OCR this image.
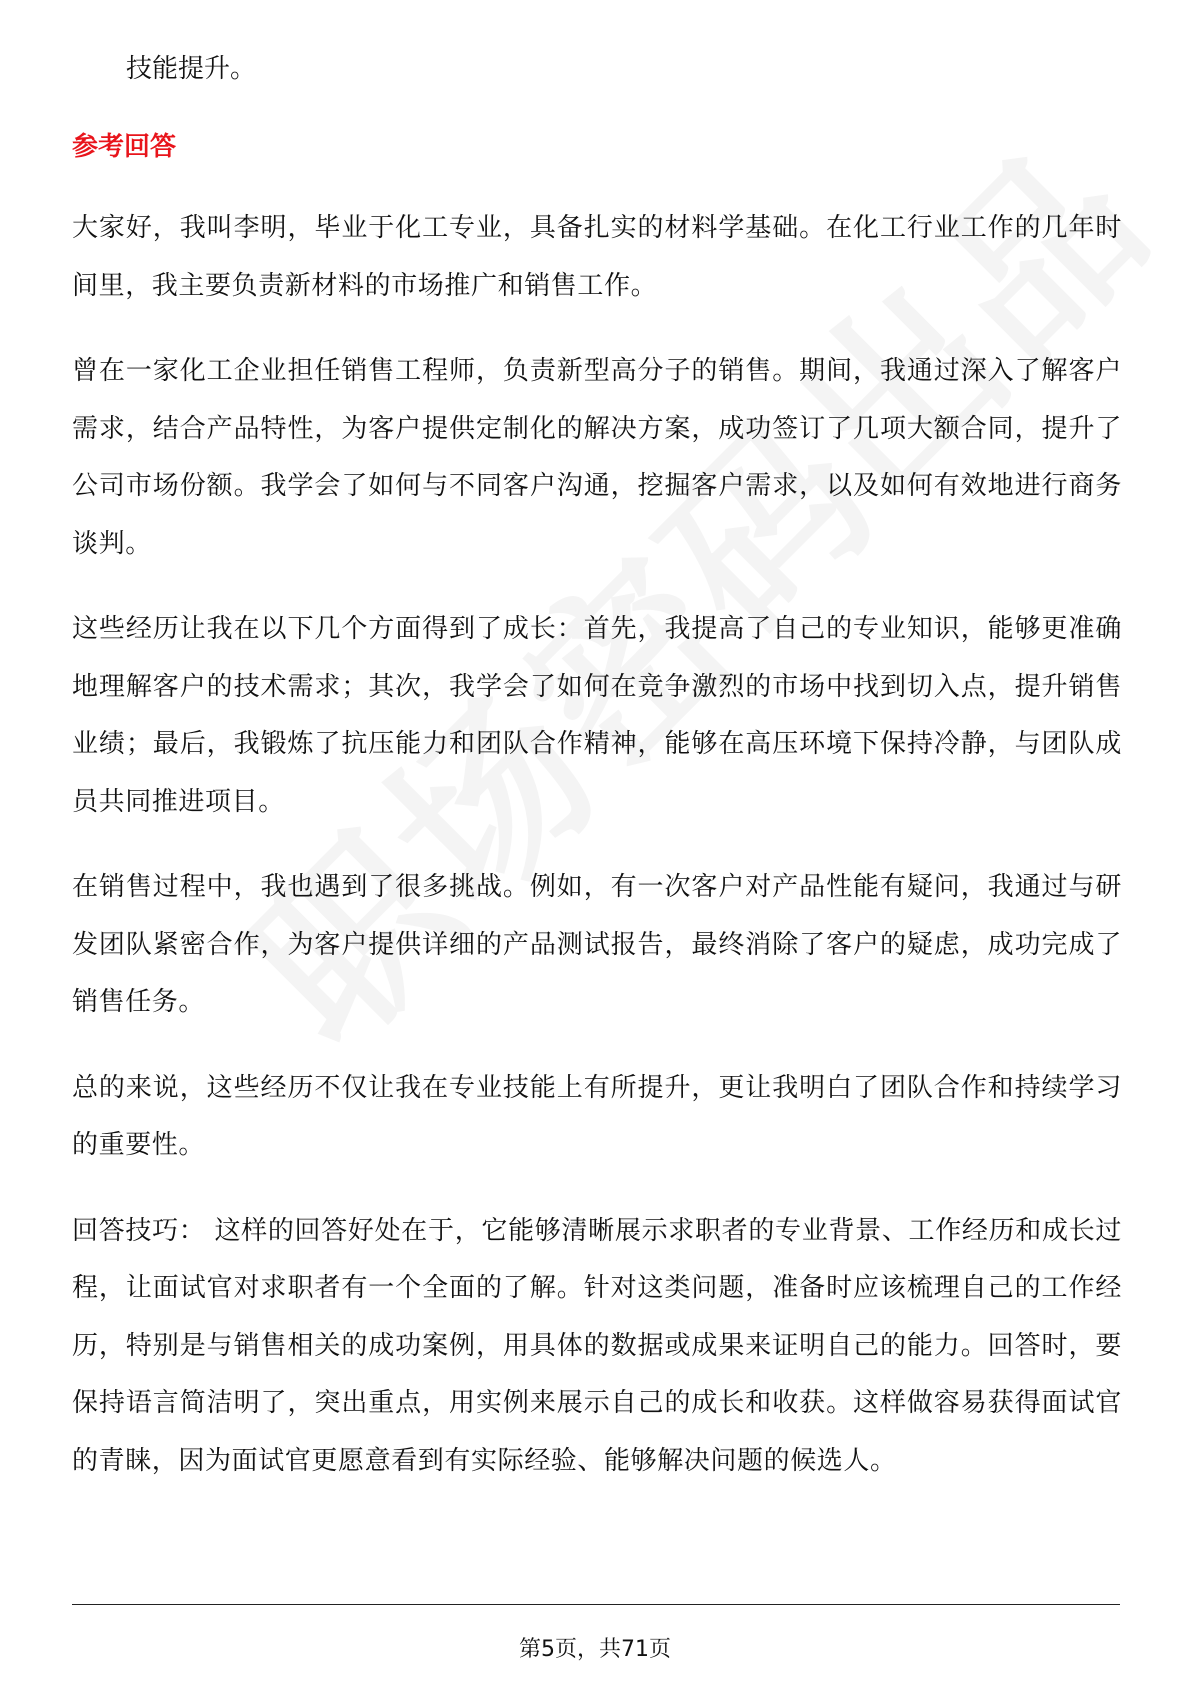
技能提升。
参考回答

大家好，我叫李明，毕业于化工专业，具备扎实的材料学基础。在化工行业工作的几年时间里，我主要负责新材料的市场推广和销售工作。

曾在一家化工企业担任销售工程师，负责新型高分子的销售。期间，我通过深入了解客户需求，结合产品特性，为客户提供定制化的解决方案，成功签订了几项大额合同，提升了公司市场份额。我学会了如何与不同客户沟通，挖掘客户需求，以及如何有效地进行商务谈判。

这些经历让我在以下几个方面得到了成长：首先，我提高了自己的专业知识，能够更准确地理解客户的技术需求；其次，我学会了如何在竞争激烈的市场中找到切入点，提升销售业绩；最后，我锻炼了抗压能力和团队合作精神，能够在高压环境下保持冷静，与团队成员共同推进项目。

在销售过程中，我也遇到了很多挑战。例如，有一次客户对产品性能有疑问，我通过与研发团队紧密合作，为客户提供详细的产品测试报告，最终消除了客户的疑虑，成功完成了销售任务。

总的来说，这些经历不仅让我在专业技能上有所提升，更让我明白了团队合作和持续学习的重要性。

回答技巧： 这样的回答好处在于，它能够清晰展示求职者的专业背景、工作经历和成长过程，让面试官对求职者有一个全面的了解。针对这类问题，准备时应该梳理自己的工作经历，特别是与销售相关的成功案例，用具体的数据或成果来证明自己的能力。回答时，要保持语言简洁明了，突出重点，用实例来展示自己的成长和收获。这样做容易获得面试官的青睐，因为面试官更愿意看到有实际经验、能够解决问题的候选人。

第5页，共71页
